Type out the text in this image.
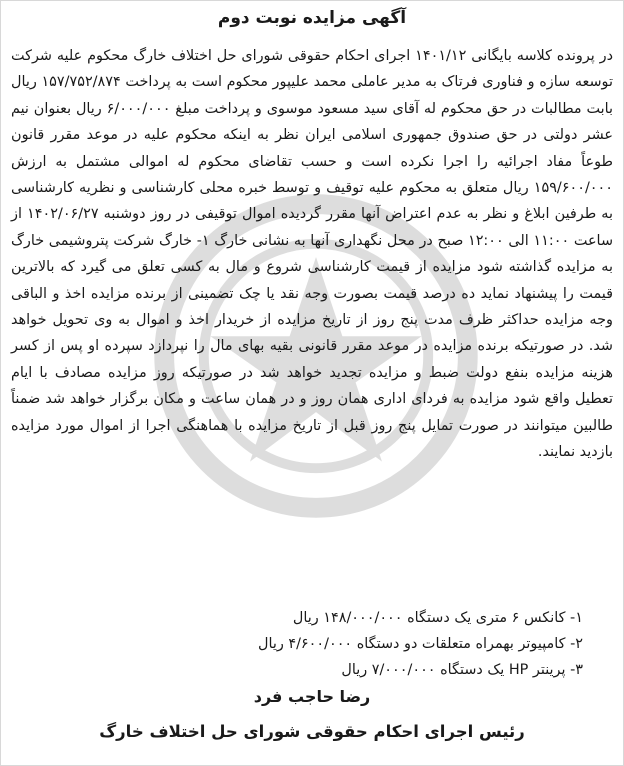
آگهی مزایده نوبت دوم

در پرونده کلاسه بایگانی ۱۴۰۱/۱۲ اجرای احکام حقوقی شورای حل اختلاف خارگ محکوم علیه شرکت توسعه سازه و فناوری فرتاک به مدیر عاملی محمد علیپور محکوم است به پرداخت ۱۵۷/۷۵۲/۸۷۴ ریال بابت مطالبات در حق محکوم له آقای سید مسعود موسوی و پرداخت مبلغ ۶/۰۰۰/۰۰۰ ریال بعنوان نیم عشر دولتی در حق صندوق جمهوری اسلامی ایران نظر به اینکه محکوم علیه در موعد مقرر قانون طوعاً مفاد اجرائیه را اجرا نکرده است و حسب تقاضای محکوم له اموالی مشتمل به ارزش ۱۵۹/۶۰۰/۰۰۰ ریال متعلق به محکوم علیه توقیف و توسط خبره محلی کارشناسی و نظریه کارشناسی به طرفین ابلاغ و نظر به عدم اعتراض آنها مقرر گردیده اموال توقیفی در روز دوشنبه ۱۴۰۲/۰۶/۲۷ از ساعت ۱۱:۰۰ الی ۱۲:۰۰ صبح در محل نگهداری آنها به نشانی خارگ ۱- خارگ شرکت پتروشیمی خارگ به مزایده گذاشته شود مزایده از قیمت کارشناسی شروع و مال به کسی تعلق می گیرد که بالاترین قیمت را پیشنهاد نماید ده درصد قیمت بصورت وجه نقد یا چک تضمینی از برنده مزایده اخذ و الباقی وجه مزایده حداکثر ظرف مدت پنج روز از تاریخ مزایده از خریدار اخذ و اموال به وی تحویل خواهد شد. در صورتیکه برنده مزایده در موعد مقرر قانونی بقیه بهای مال را نپردازد سپرده او پس از کسر هزینه مزایده بنفع دولت ضبط و مزایده تجدید خواهد شد در صورتیکه روز مزایده مصادف با ایام تعطیل واقع شود مزایده به فردای اداری همان روز و در همان ساعت و مکان برگزار خواهد شد ضمناً طالبین میتوانند در صورت تمایل پنج روز قبل از تاریخ مزایده با هماهنگی اجرا از اموال مورد مزایده بازدید نمایند.

۱- کانکس ۶ متری یک دستگاه ۱۴۸/۰۰۰/۰۰۰ ریال
۲- کامپیوتر بهمراه متعلقات دو دستگاه ۴/۶۰۰/۰۰۰ ریال
۳- پرینتر HP یک دستگاه ۷/۰۰۰/۰۰۰ ریال
رضا حاجب فرد
رئیس اجرای احکام حقوقی شورای حل اختلاف خارگ
